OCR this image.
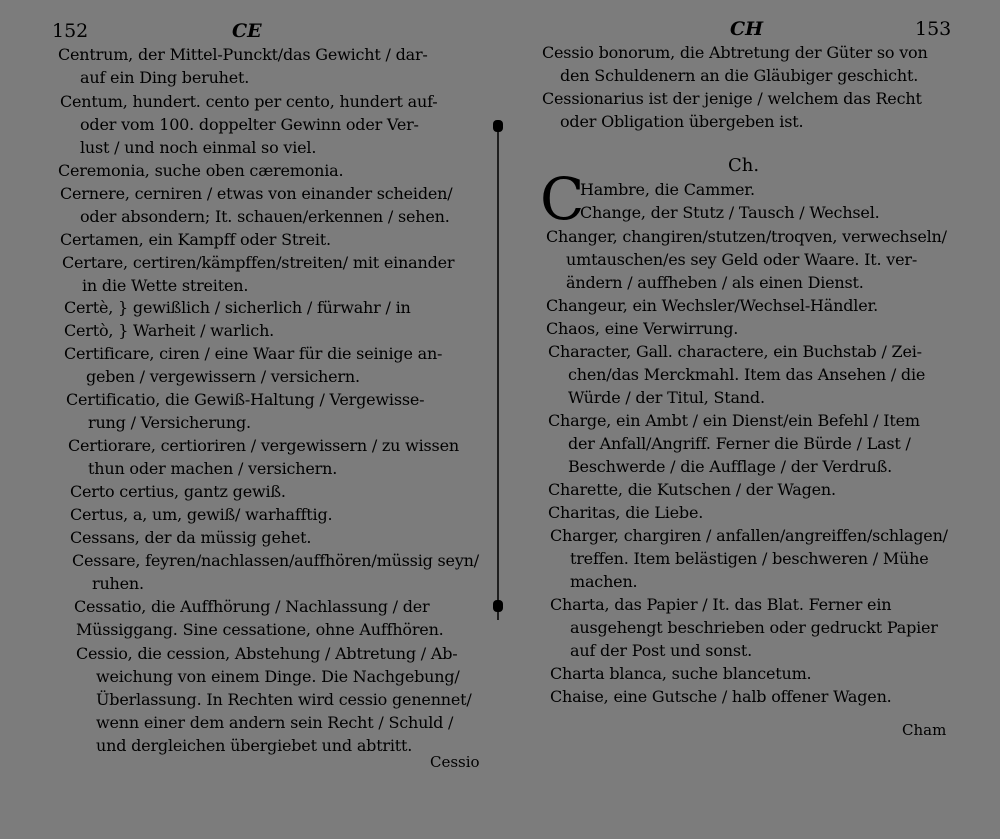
152	CE
Centrum, der Mittel-Punckt/das Gewicht / dar-
auf ein Ding beruhet.
Centum, hundert. cento per cento, hundert auf-
oder vom 100. doppelter Gewinn oder Ver-
lust / und noch einmal so viel.
Ceremonia, suche oben cæremonia.
Cernere, cerniren / etwas von einander scheiden/
oder absondern; It. schauen/erkennen / sehen.
Certamen, ein Kampff oder Streit.
Certare, certiren/kämpffen/streiten/ mit einander
in die Wette streiten.
Certè, } gewißlich / sicherlich / fürwahr / in
Certò, } Warheit / warlich.
Certificare, ciren / eine Waar für die seinige an-
geben / vergewissern / versichern.
Certificatio, die Gewiß-Haltung / Vergewisse-
rung / Versicherung.
Certiorare, certioriren / vergewissern / zu wissen
thun oder machen / versichern.
Certo certius, gantz gewiß.
Certus, a, um, gewiß/ warhafftig.
Cessans, der da müssig gehet.
Cessare, feyren/nachlassen/auffhören/müssig seyn/
ruhen.
Cessatio, die Auffhörung / Nachlassung / der
Müssiggang. Sine cessatione, ohne Auffhören.
Cessio, die cession, Abstehung / Abtretung / Ab-
weichung von einem Dinge. Die Nachgebung/
Überlassung. In Rechten wird cessio genennet/
wenn einer dem andern sein Recht / Schuld /
und dergleichen übergiebet und abtritt.
Cessio
CH	153
Cessio bonorum, die Abtretung der Güter so von
den Schuldenern an die Gläubiger geschicht.
Cessionarius ist der jenige / welchem das Recht
oder Obligation übergeben ist.
Ch.
C
Hambre, die Cammer.
Change, der Stutz / Tausch / Wechsel.
Changer, changiren/stutzen/troqven, verwechseln/
umtauschen/es sey Geld oder Waare. It. ver-
ändern / auffheben / als einen Dienst.
Changeur, ein Wechsler/Wechsel-Händler.
Chaos, eine Verwirrung.
Character, Gall. charactere, ein Buchstab / Zei-
chen/das Merckmahl. Item das Ansehen / die
Würde / der Titul, Stand.
Charge, ein Ambt / ein Dienst/ein Befehl / Item
der Anfall/Angriff. Ferner die Bürde / Last /
Beschwerde / die Aufflage / der Verdruß.
Charette, die Kutschen / der Wagen.
Charitas, die Liebe.
Charger, chargiren / anfallen/angreiffen/schlagen/
treffen. Item belästigen / beschweren / Mühe
machen.
Charta, das Papier / It. das Blat. Ferner ein
ausgehengt beschrieben oder gedruckt Papier
auf der Post und sonst.
Charta blanca, suche blancetum.
Chaise, eine Gutsche / halb offener Wagen.
Cham
